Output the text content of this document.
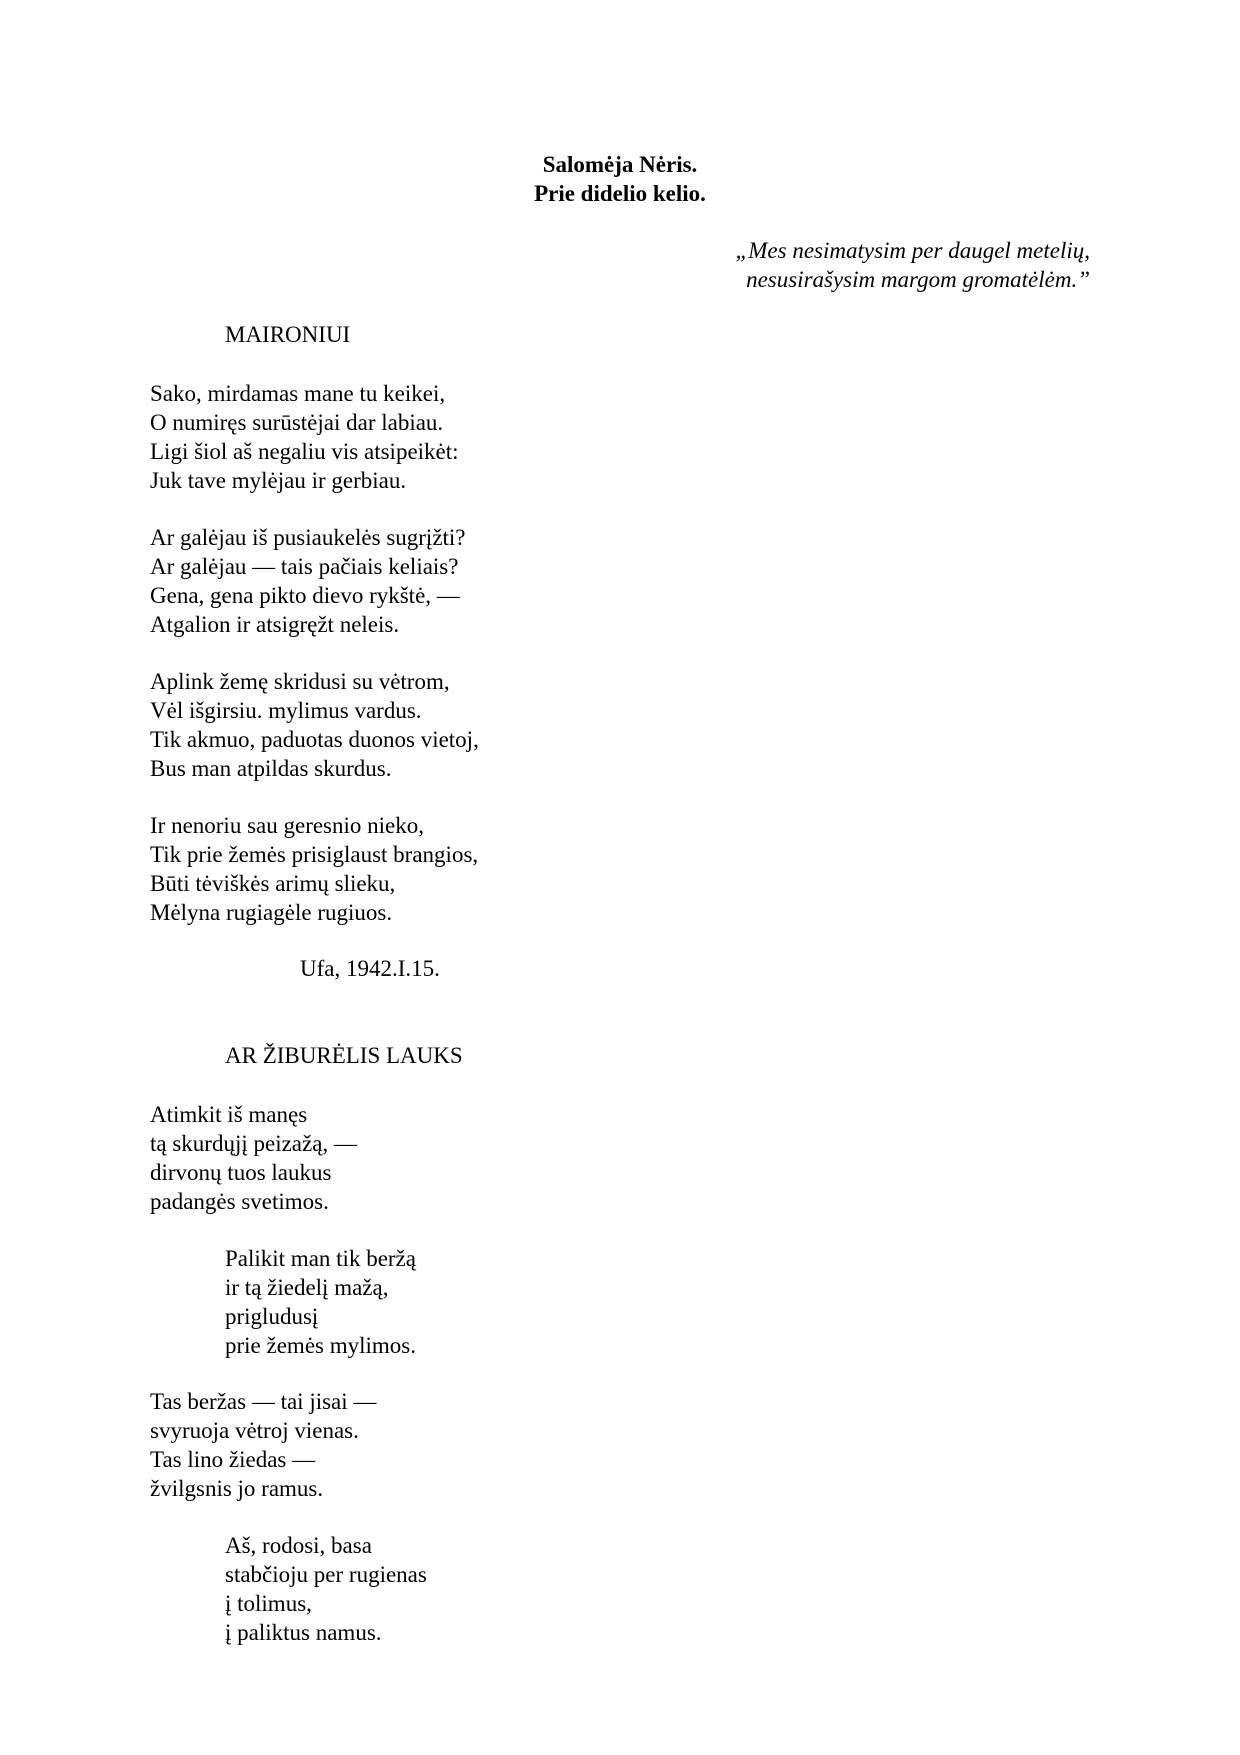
Salomėja Nėris.
Prie didelio kelio.
„Mes nesimatysim per daugel metelių,
nesusirašysim margom gromatėlėm.”
MAIRONIUI
Sako, mirdamas mane tu keikei,
O numiręs surūstėjai dar labiau.
Ligi šiol aš negaliu vis atsipeikėt:
Juk tave mylėjau ir gerbiau.
Ar galėjau iš pusiaukelės sugrįžti?
Ar galėjau — tais pačiais keliais?
Gena, gena pikto dievo rykštė, —
Atgalion ir atsigręžt neleis.
Aplink žemę skridusi su vėtrom,
Vėl išgirsiu. mylimus vardus.
Tik akmuo, paduotas duonos vietoj,
Bus man atpildas skurdus.
Ir nenoriu sau geresnio nieko,
Tik prie žemės prisiglaust brangios,
Būti tėviškės arimų slieku,
Mėlyna rugiagėle rugiuos.
Ufa, 1942.I.15.
AR ŽIBURĖLIS LAUKS
Atimkit iš manęs
tą skurdųjį peizažą, —
dirvonų tuos laukus
padangės svetimos.
Palikit man tik beržą
ir tą žiedelį mažą,
prigludusį
prie žemės mylimos.
Tas beržas — tai jisai —
svyruoja vėtroj vienas.
Tas lino žiedas —
žvilgsnis jo ramus.
Aš, rodosi, basa
stabčioju per rugienas
į tolimus,
į paliktus namus.
